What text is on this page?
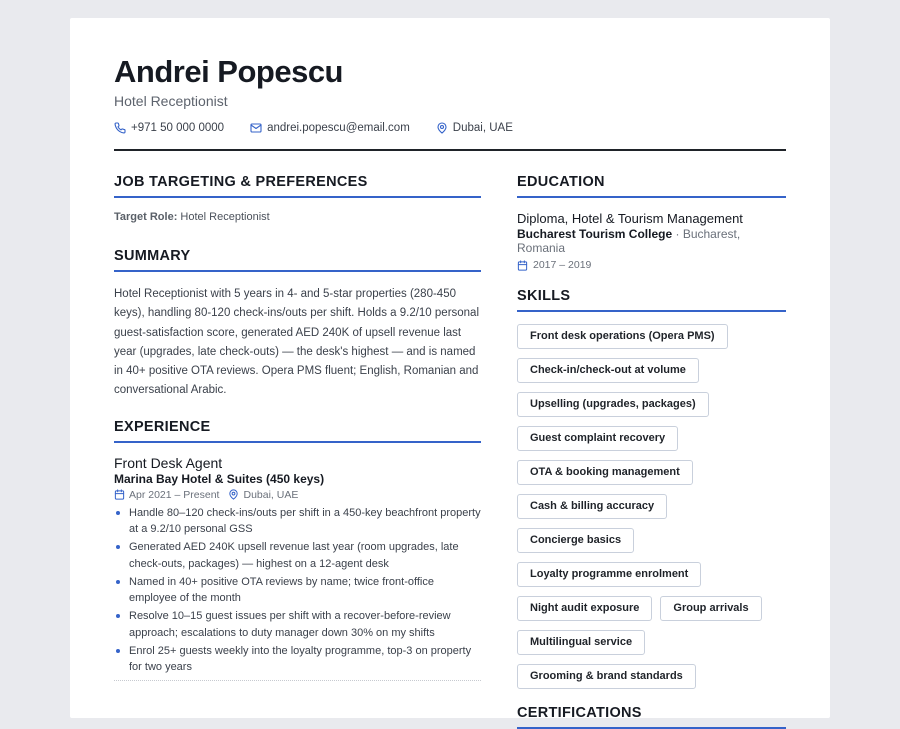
Andrei Popescu
Hotel Receptionist
+971 50 000 0000	andrei.popescu@email.com	Dubai, UAE
JOB TARGETING & PREFERENCES
Target Role: Hotel Receptionist
SUMMARY
Hotel Receptionist with 5 years in 4- and 5-star properties (280-450 keys), handling 80-120 check-ins/outs per shift. Holds a 9.2/10 personal guest-satisfaction score, generated AED 240K of upsell revenue last year (upgrades, late check-outs) — the desk's highest — and is named in 40+ positive OTA reviews. Opera PMS fluent; English, Romanian and conversational Arabic.
EXPERIENCE
Front Desk Agent
Marina Bay Hotel & Suites (450 keys)
Apr 2021 – Present Dubai, UAE
Handle 80–120 check-ins/outs per shift in a 450-key beachfront property at a 9.2/10 personal GSS
Generated AED 240K upsell revenue last year (room upgrades, late check-outs, packages) — highest on a 12-agent desk
Named in 40+ positive OTA reviews by name; twice front-office employee of the month
Resolve 10–15 guest issues per shift with a recover-before-review approach; escalations to duty manager down 30% on my shifts
Enrol 25+ guests weekly into the loyalty programme, top-3 on property for two years
EDUCATION
Diploma, Hotel & Tourism Management
Bucharest Tourism College · Bucharest, Romania
2017 – 2019
SKILLS
Front desk operations (Opera PMS)
Check-in/check-out at volume
Upselling (upgrades, packages)
Guest complaint recovery
OTA & booking management
Cash & billing accuracy
Concierge basics
Loyalty programme enrolment
Night audit exposure	Group arrivals
Multilingual service
Grooming & brand standards
CERTIFICATIONS
